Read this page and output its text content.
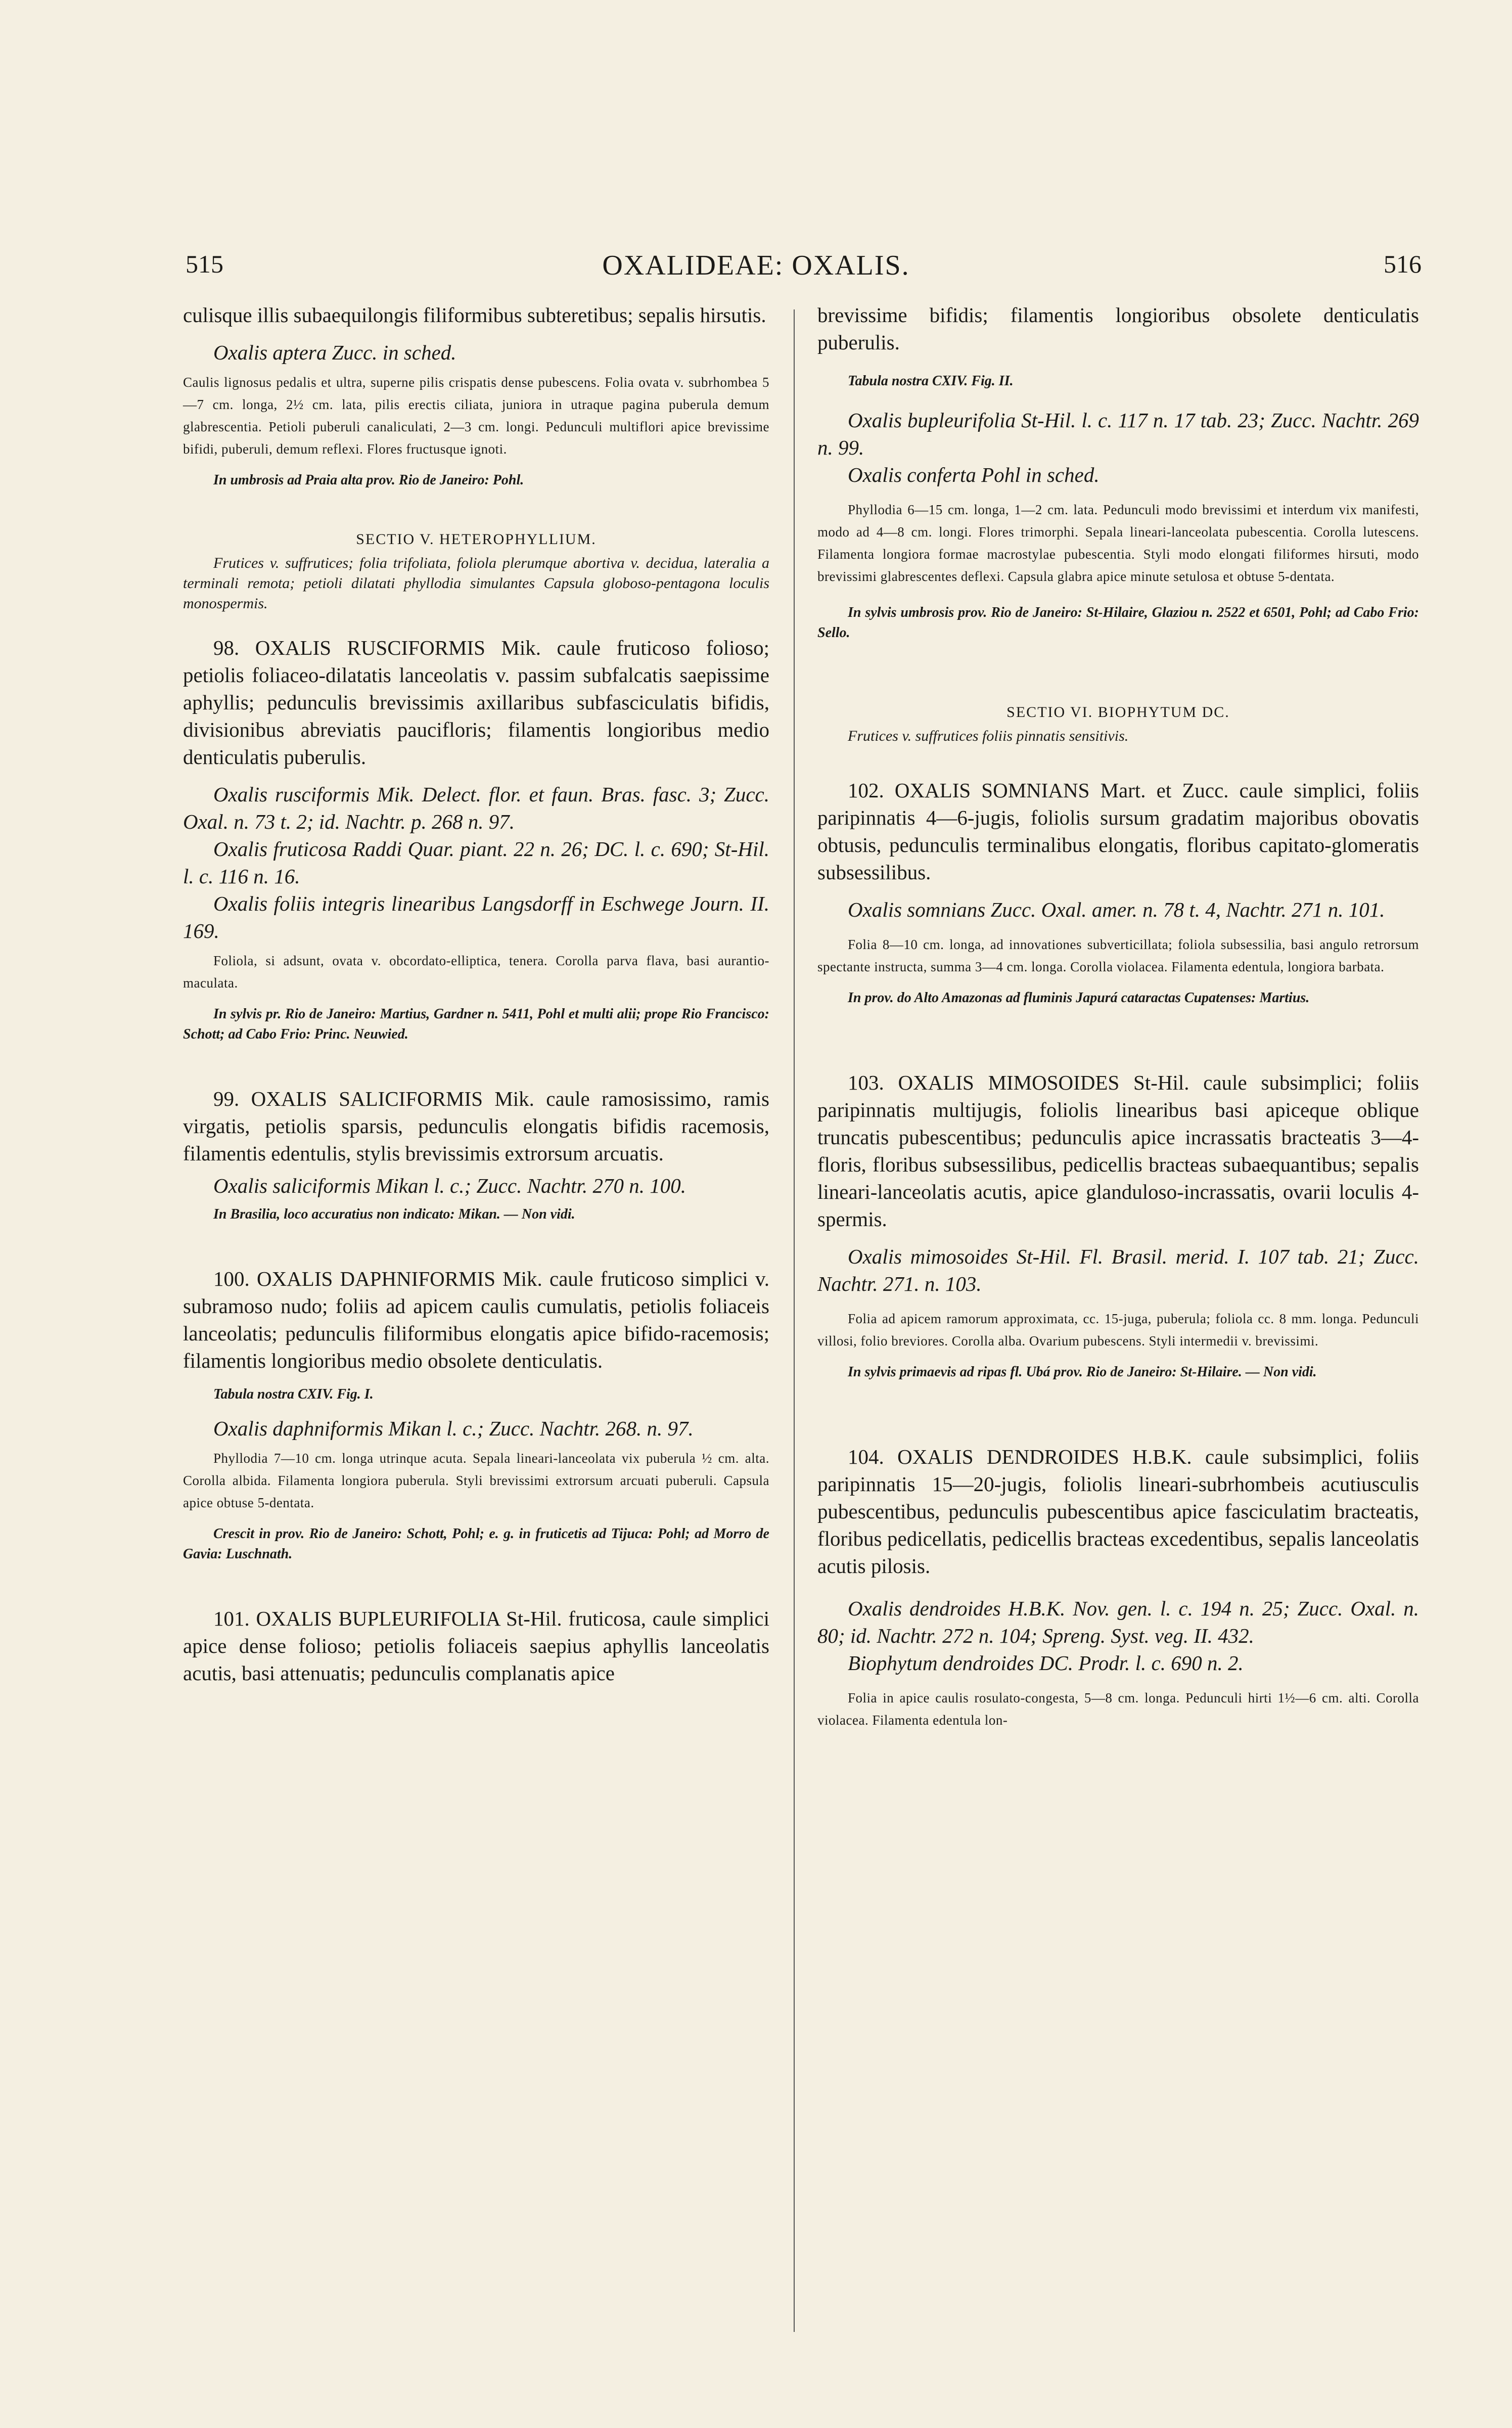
515	OXALIDEAE: OXALIS.	516

culisque illis subaequilongis filiformibus subteretibus; sepalis hirsutis.

Oxalis aptera Zucc. in sched.

Caulis lignosus pedalis et ultra, superne pilis crispatis dense pubescens. Folia ovata v. subrhombea 5—7 cm. longa, 2½ cm. lata, pilis erectis ciliata, juniora in utraque pagina puberula demum glabrescentia. Petioli puberuli canaliculati, 2—3 cm. longi. Pedunculi multiflori apice brevissime bifidi, puberuli, demum reflexi. Flores fructusque ignoti.

In umbrosis ad Praia alta prov. Rio de Janeiro: Pohl.

SECTIO V. HETEROPHYLLIUM.

Frutices v. suffrutices; folia trifoliata, foliola plerumque abortiva v. decidua, lateralia a terminali remota; petioli dilatati phyllodia simulantes Capsula globoso-pentagona loculis monospermis.

98. OXALIS RUSCIFORMIS Mik. caule fruticoso folioso; petiolis foliaceo-dilatatis lanceolatis v. passim subfalcatis saepissime aphyllis; pedunculis brevissimis axillaribus subfasciculatis bifidis, divisionibus abreviatis paucifloris; filamentis longioribus medio denticulatis puberulis.

Oxalis rusciformis Mik. Delect. flor. et faun. Bras. fasc. 3; Zucc. Oxal. n. 73 t. 2; id. Nachtr. p. 268 n. 97.

Oxalis fruticosa Raddi Quar. piant. 22 n. 26; DC. l. c. 690; St-Hil. l. c. 116 n. 16.

Oxalis foliis integris linearibus Langsdorff in Eschwege Journ. II. 169.

Foliola, si adsunt, ovata v. obcordato-elliptica, tenera. Corolla parva flava, basi aurantio-maculata.

In sylvis pr. Rio de Janeiro: Martius, Gardner n. 5411, Pohl et multi alii; prope Rio Francisco: Schott; ad Cabo Frio: Princ. Neuwied.

99. OXALIS SALICIFORMIS Mik. caule ramosissimo, ramis virgatis, petiolis sparsis, pedunculis elongatis bifidis racemosis, filamentis edentulis, stylis brevissimis extrorsum arcuatis.

Oxalis saliciformis Mikan l. c.; Zucc. Nachtr. 270 n. 100.

In Brasilia, loco accuratius non indicato: Mikan. — Non vidi.

100. OXALIS DAPHNIFORMIS Mik. caule fruticoso simplici v. subramoso nudo; foliis ad apicem caulis cumulatis, petiolis foliaceis lanceolatis; pedunculis filiformibus elongatis apice bifido-racemosis; filamentis longioribus medio obsolete denticulatis.

Tabula nostra CXIV. Fig. I.

Oxalis daphniformis Mikan l. c.; Zucc. Nachtr. 268. n. 97.

Phyllodia 7—10 cm. longa utrinque acuta. Sepala lineari-lanceolata vix puberula ½ cm. alta. Corolla albida. Filamenta longiora puberula. Styli brevissimi extrorsum arcuati puberuli. Capsula apice obtuse 5-dentata.

Crescit in prov. Rio de Janeiro: Schott, Pohl; e. g. in fruticetis ad Tijuca: Pohl; ad Morro de Gavia: Luschnath.

101. OXALIS BUPLEURIFOLIA St-Hil. fruticosa, caule simplici apice dense folioso; petiolis foliaceis saepius aphyllis lanceolatis acutis, basi attenuatis; pedunculis complanatis apice

brevissime bifidis; filamentis longioribus obsolete denticulatis puberulis.

Tabula nostra CXIV. Fig. II.

Oxalis bupleurifolia St-Hil. l. c. 117 n. 17 tab. 23; Zucc. Nachtr. 269 n. 99.

Oxalis conferta Pohl in sched.

Phyllodia 6—15 cm. longa, 1—2 cm. lata. Pedunculi modo brevissimi et interdum vix manifesti, modo ad 4—8 cm. longi. Flores trimorphi. Sepala lineari-lanceolata pubescentia. Corolla lutescens. Filamenta longiora formae macrostylae pubescentia. Styli modo elongati filiformes hirsuti, modo brevissimi glabrescentes deflexi. Capsula glabra apice minute setulosa et obtuse 5-dentata.

In sylvis umbrosis prov. Rio de Janeiro: St-Hilaire, Glaziou n. 2522 et 6501, Pohl; ad Cabo Frio: Sello.

SECTIO VI. BIOPHYTUM DC.

Frutices v. suffrutices foliis pinnatis sensitivis.

102. OXALIS SOMNIANS Mart. et Zucc. caule simplici, foliis paripinnatis 4—6-jugis, foliolis sursum gradatim majoribus obovatis obtusis, pedunculis terminalibus elongatis, floribus capitato-glomeratis subsessilibus.

Oxalis somnians Zucc. Oxal. amer. n. 78 t. 4, Nachtr. 271 n. 101.

Folia 8—10 cm. longa, ad innovationes subverticillata; foliola subsessilia, basi angulo retrorsum spectante instructa, summa 3—4 cm. longa. Corolla violacea. Filamenta edentula, longiora barbata.

In prov. do Alto Amazonas ad fluminis Japurá cataractas Cupatenses: Martius.

103. OXALIS MIMOSOIDES St-Hil. caule subsimplici; foliis paripinnatis multijugis, foliolis linearibus basi apiceque oblique truncatis pubescentibus; pedunculis apice incrassatis bracteatis 3—4-floris, floribus subsessilibus, pedicellis bracteas subaequantibus; sepalis lineari-lanceolatis acutis, apice glanduloso-incrassatis, ovarii loculis 4-spermis.

Oxalis mimosoides St-Hil. Fl. Brasil. merid. I. 107 tab. 21; Zucc. Nachtr. 271. n. 103.

Folia ad apicem ramorum approximata, cc. 15-juga, puberula; foliola cc. 8 mm. longa. Pedunculi villosi, folio breviores. Corolla alba. Ovarium pubescens. Styli intermedii v. brevissimi.

In sylvis primaevis ad ripas fl. Ubá prov. Rio de Janeiro: St-Hilaire. — Non vidi.

104. OXALIS DENDROIDES H.B.K. caule subsimplici, foliis paripinnatis 15—20-jugis, foliolis lineari-subrhombeis acutiusculis pubescentibus, pedunculis pubescentibus apice fasciculatim bracteatis, floribus pedicellatis, pedicellis bracteas excedentibus, sepalis lanceolatis acutis pilosis.

Oxalis dendroides H.B.K. Nov. gen. l. c. 194 n. 25; Zucc. Oxal. n. 80; id. Nachtr. 272 n. 104; Spreng. Syst. veg. II. 432.

Biophytum dendroides DC. Prodr. l. c. 690 n. 2.

Folia in apice caulis rosulato-congesta, 5—8 cm. longa. Pedunculi hirti 1½—6 cm. alti. Corolla violacea. Filamenta edentula lon-
